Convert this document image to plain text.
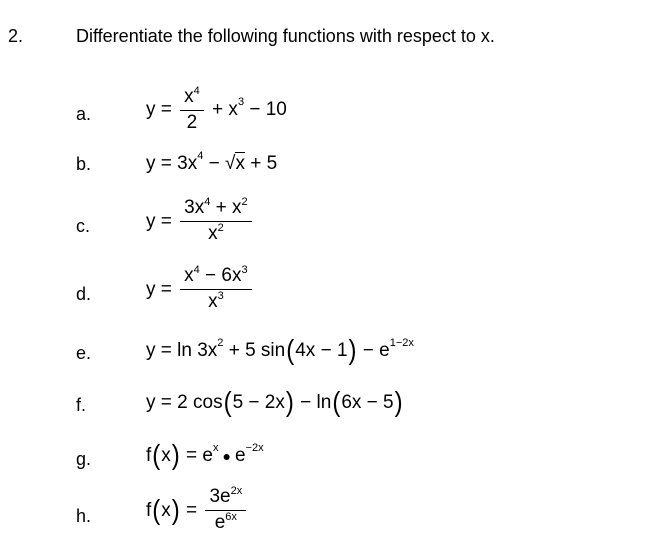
2.	Differentiate the following functions with respect to x.
a.	$y = \frac{x^4}{2} + x^3 - 10$
b.	$y = 3x^4$ − √ x + 5
c.	$y = \frac{3x^4 + x^2}{x^2}$
d.	$y = \frac{x^4 - 6x^3}{x^3}$
e.	$y = \ln 3x^2 + 5$ sin ( 4x − 1 ) − $e^{1-2x}$
f.	y = 2 cos ( 5 − 2x ) − ln ( 6x − 5 )
g.	f ( x ) = $e^x$ ● $e^{-2x}$
h.	f ( x ) = $\frac{3e^{2x}}{e^{6x}}$
